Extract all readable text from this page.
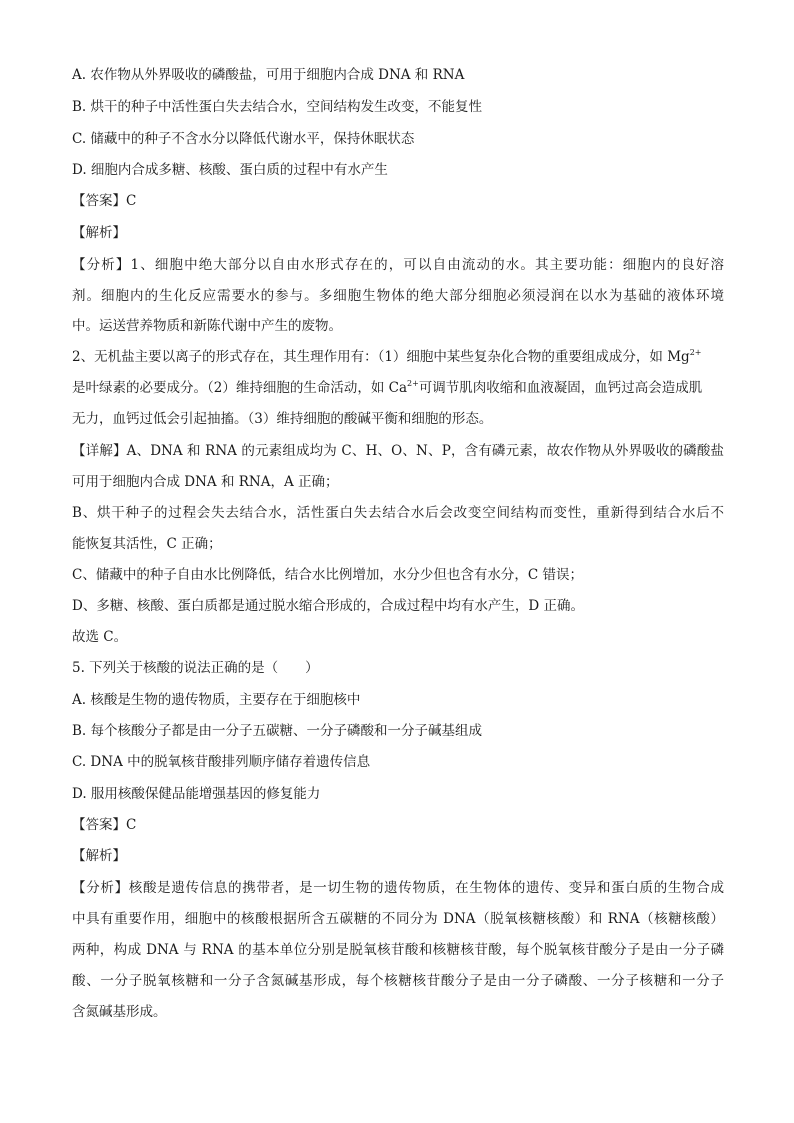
A. 农作物从外界吸收的磷酸盐，可用于细胞内合成 DNA 和 RNA
B. 烘干的种子中活性蛋白失去结合水，空间结构发生改变，不能复性
C. 储藏中的种子不含水分以降低代谢水平，保持休眠状态
D. 细胞内合成多糖、核酸、蛋白质的过程中有水产生
【答案】C
【解析】
【分析】1、细胞中绝大部分以自由水形式存在的，可以自由流动的水。其主要功能：细胞内的良好溶
剂。细胞内的生化反应需要水的参与。多细胞生物体的绝大部分细胞必须浸润在以水为基础的液体环境
中。运送营养物质和新陈代谢中产生的废物。
2、无机盐主要以离子的形式存在，其生理作用有：（1）细胞中某些复杂化合物的重要组成成分，如 $Mg^{2+}$
是叶绿素的必要成分。（2）维持细胞的生命活动，如 $Ca^{2+}$可调节肌肉收缩和血液凝固，血钙过高会造成肌
无力，血钙过低会引起抽搐。（3）维持细胞的酸碱平衡和细胞的形态。
【详解】A、DNA 和 RNA 的元素组成均为 C、H、O、N、P，含有磷元素，故农作物从外界吸收的磷酸盐
可用于细胞内合成 DNA 和 RNA，A 正确；
B、烘干种子的过程会失去结合水，活性蛋白失去结合水后会改变空间结构而变性，重新得到结合水后不
能恢复其活性，C 正确；
C、储藏中的种子自由水比例降低，结合水比例增加，水分少但也含有水分，C 错误；
D、多糖、核酸、蛋白质都是通过脱水缩合形成的，合成过程中均有水产生，D 正确。
故选 C。
5. 下列关于核酸的说法正确的是（　　）
A. 核酸是生物的遗传物质，主要存在于细胞核中
B. 每个核酸分子都是由一分子五碳糖、一分子磷酸和一分子碱基组成
C. DNA 中的脱氧核苷酸排列顺序储存着遗传信息
D. 服用核酸保健品能增强基因的修复能力
【答案】C
【解析】
【分析】核酸是遗传信息的携带者，是一切生物的遗传物质，在生物体的遗传、变异和蛋白质的生物合成
中具有重要作用，细胞中的核酸根据所含五碳糖的不同分为 DNA（脱氧核糖核酸）和 RNA（核糖核酸）
两种，构成 DNA 与 RNA 的基本单位分别是脱氧核苷酸和核糖核苷酸，每个脱氧核苷酸分子是由一分子磷
酸、一分子脱氧核糖和一分子含氮碱基形成，每个核糖核苷酸分子是由一分子磷酸、一分子核糖和一分子
含氮碱基形成。
